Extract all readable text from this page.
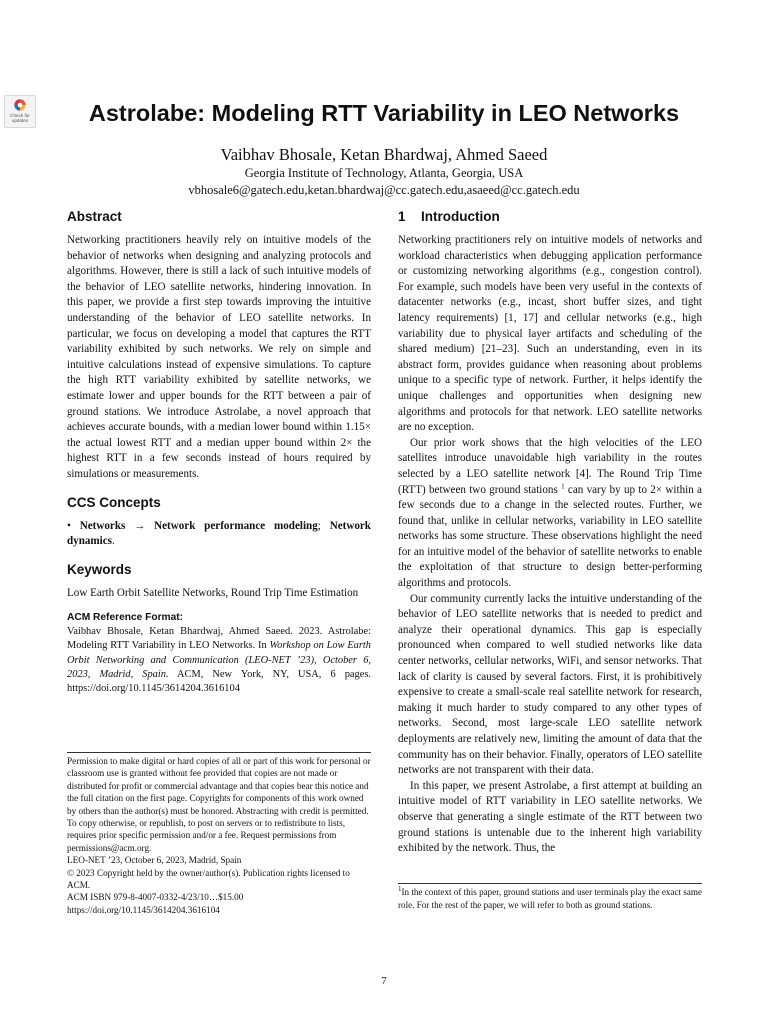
Check for
updates	Astrolabe: Modeling RTT Variability in LEO Networks
Vaibhav Bhosale, Ketan Bhardwaj, Ahmed Saeed
Georgia Institute of Technology, Atlanta, Georgia, USA
vbhosale6@gatech.edu,ketan.bhardwaj@cc.gatech.edu,asaeed@cc.gatech.edu
Abstract

Networking practitioners heavily rely on intuitive models of the behavior of networks when designing and analyzing protocols and algorithms. However, there is still a lack of such intuitive models of the behavior of LEO satellite networks, hindering innovation. In this paper, we provide a first step towards improving the intuitive understanding of the behavior of LEO satellite networks. In particular, we focus on developing a model that captures the RTT variability exhibited by such networks. We rely on simple and intuitive calculations instead of expensive simulations. To capture the high RTT variability exhibited by satellite networks, we estimate lower and upper bounds for the RTT between a pair of ground stations. We introduce Astrolabe, a novel approach that achieves accurate bounds, with a median lower bound within 1.15× the actual lowest RTT and a median upper bound within 2× the highest RTT in a few seconds instead of hours required by simulations or measurements.

CCS Concepts
• Networks → Network performance modeling; Network dynamics.
Keywords

Low Earth Orbit Satellite Networks, Round Trip Time Estimation

ACM Reference Format:

Vaibhav Bhosale, Ketan Bhardwaj, Ahmed Saeed. 2023. Astrolabe: Modeling RTT Variability in LEO Networks. In Workshop on Low Earth Orbit Networking and Communication (LEO-NET ’23), October 6, 2023, Madrid, Spain. ACM, New York, NY, USA, 6 pages. https://doi.org/10.1145/3614204.3616104

Permission to make digital or hard copies of all or part of this work for personal or classroom use is granted without fee provided that copies are not made or distributed for profit or commercial advantage and that copies bear this notice and the full citation on the first page. Copyrights for components of this work owned by others than the author(s) must be honored. Abstracting with credit is permitted. To copy otherwise, or republish, to post on servers or to redistribute to lists, requires prior specific permission and/or a fee. Request permissions from permissions@acm.org.

LEO-NET ’23, October 6, 2023, Madrid, Spain

© 2023 Copyright held by the owner/author(s). Publication rights licensed to ACM.

ACM ISBN 979-8-4007-0332-4/23/10…$15.00

https://doi.org/10.1145/3614204.3616104

1 Introduction

Networking practitioners rely on intuitive models of networks and workload characteristics when debugging application performance or customizing networking algorithms (e.g., congestion control). For example, such models have been very useful in the contexts of datacenter networks (e.g., incast, short buffer sizes, and tight latency requirements) [1, 17] and cellular networks (e.g., high variability due to physical layer artifacts and scheduling of the shared medium) [21–23]. Such an understanding, even in its abstract form, provides guidance when reasoning about problems unique to a specific type of network. Further, it helps identify the unique challenges and opportunities when designing new algorithms and protocols for that network. LEO satellite networks are no exception.

Our prior work shows that the high velocities of the LEO satellites introduce unavoidable high variability in the routes selected by a LEO satellite network [4]. The Round Trip Time (RTT) between two ground stations $^1$ can vary by up to 2× within a few seconds due to a change in the selected routes. Further, we found that, unlike in cellular networks, variability in LEO satellite networks has some structure. These observations highlight the need for an intuitive model of the behavior of satellite networks to enable the exploitation of that structure to design better-performing algorithms and protocols.

Our community currently lacks the intuitive understanding of the behavior of LEO satellite networks that is needed to predict and analyze their operational dynamics. This gap is especially pronounced when compared to well studied networks like data center networks, cellular networks, WiFi, and sensor networks. That lack of clarity is caused by several factors. First, it is prohibitively expensive to create a small-scale real satellite network for research, making it much harder to study compared to any other types of networks. Second, most large-scale LEO satellite network deployments are relatively new, limiting the amount of data that the community has on their behavior. Finally, operators of LEO satellite networks are not transparent with their data.

In this paper, we present Astrolabe, a first attempt at building an intuitive model of RTT variability in LEO satellite networks. We observe that generating a single estimate of the RTT between two ground stations is untenable due to the inherent high variability exhibited by the network. Thus, the

$^1$In the context of this paper, ground stations and user terminals play the exact same role. For the rest of the paper, we will refer to both as ground stations.

7
